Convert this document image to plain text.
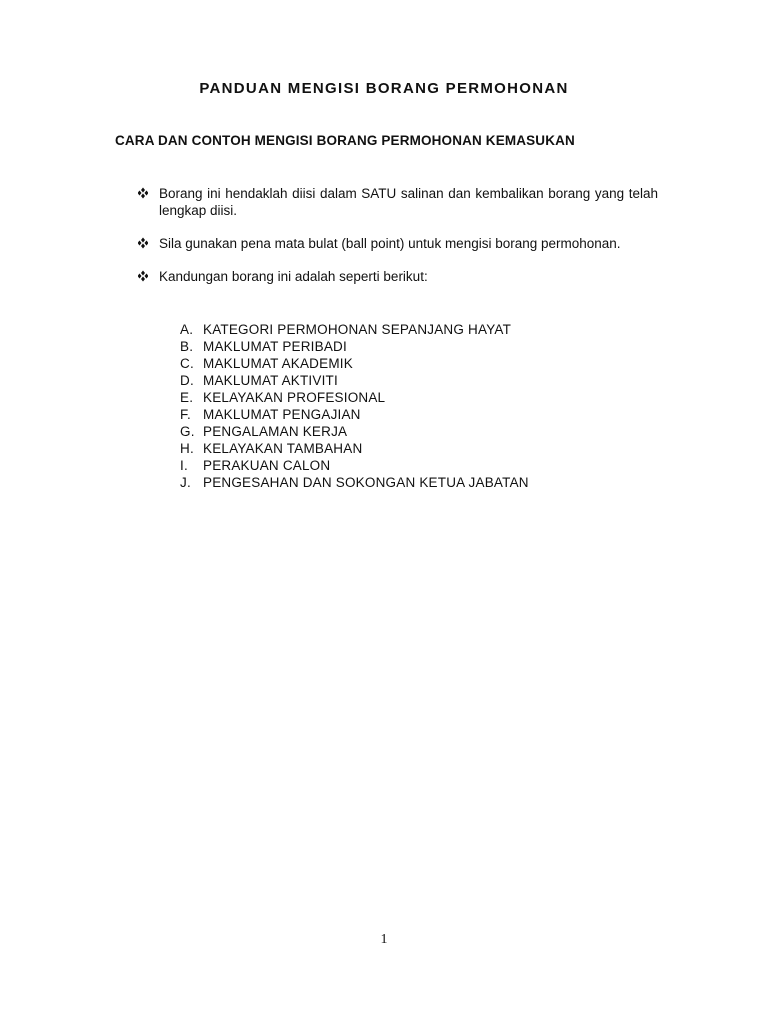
PANDUAN MENGISI BORANG PERMOHONAN
CARA DAN CONTOH MENGISI BORANG PERMOHONAN KEMASUKAN
Borang ini hendaklah diisi dalam SATU salinan dan kembalikan borang yang telah lengkap diisi.
Sila gunakan pena mata bulat (ball point) untuk mengisi borang permohonan.
Kandungan borang ini adalah seperti berikut:
A. KATEGORI PERMOHONAN SEPANJANG HAYAT
B. MAKLUMAT PERIBADI
C. MAKLUMAT AKADEMIK
D. MAKLUMAT AKTIVITI
E. KELAYAKAN PROFESIONAL
F. MAKLUMAT PENGAJIAN
G. PENGALAMAN KERJA
H. KELAYAKAN TAMBAHAN
I. PERAKUAN CALON
J. PENGESAHAN DAN SOKONGAN KETUA JABATAN
1
